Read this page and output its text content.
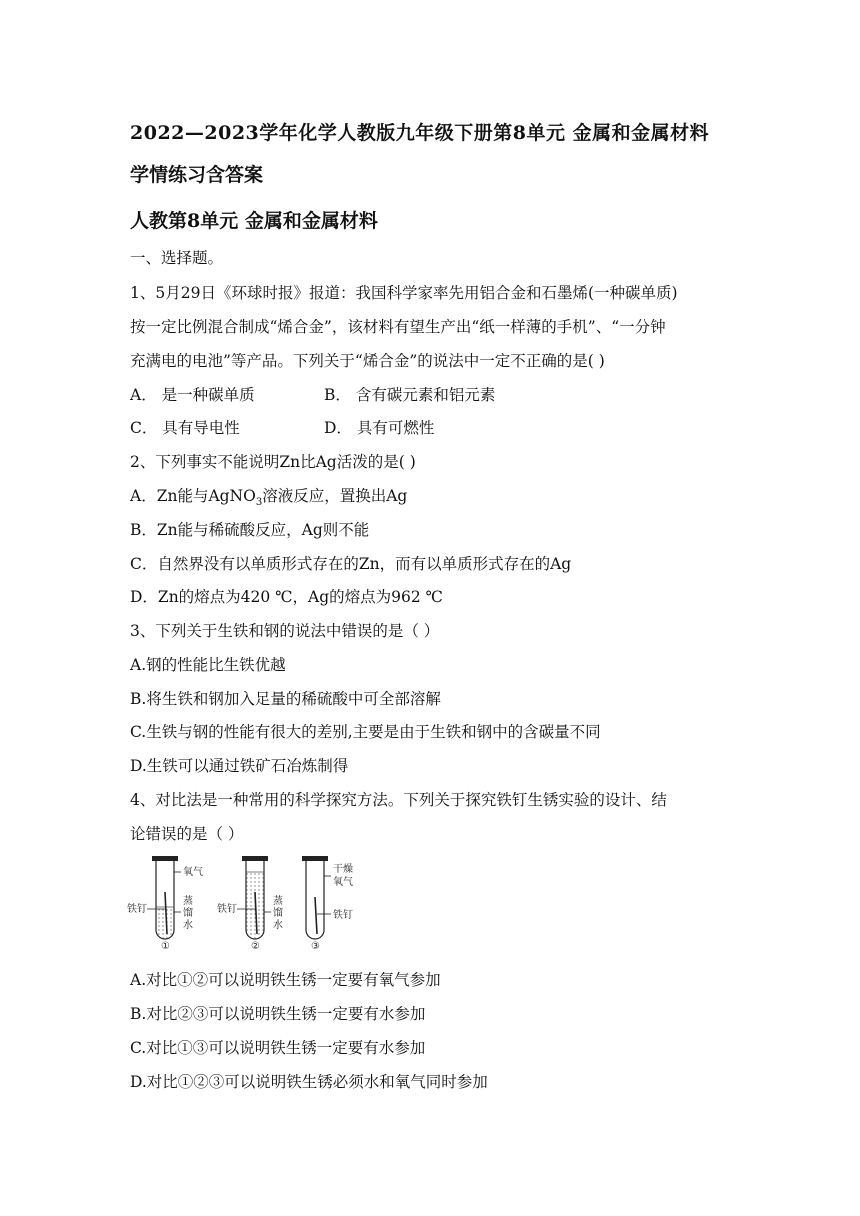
2022—2023学年化学人教版九年级下册第8单元 金属和金属材料
学情练习含答案
人教第8单元 金属和金属材料
一、选择题。
1、5月29日《环球时报》报道：我国科学家率先用铝合金和石墨烯(一种碳单质)
按一定比例混合制成“烯合金”，该材料有望生产出“纸一样薄的手机”、“一分钟
充满电的电池”等产品。下列关于“烯合金”的说法中一定不正确的是( )
A． 是一种碳单质	B． 含有碳元素和铝元素
C． 具有导电性	D． 具有可燃性
2、下列事实不能说明Zn比Ag活泼的是( )
A．Zn能与AgNO$_3$溶液反应，置换出Ag
B．Zn能与稀硫酸反应，Ag则不能
C．自然界没有以单质形式存在的Zn，而有以单质形式存在的Ag
D．Zn的熔点为420 ℃，Ag的熔点为962 ℃
3、下列关于生铁和钢的说法中错误的是（ ）
A.钢的性能比生铁优越
B.将生铁和钢加入足量的稀硫酸中可全部溶解
C.生铁与钢的性能有很大的差别,主要是由于生铁和钢中的含碳量不同
D.生铁可以通过铁矿石冶炼制得
4、对比法是一种常用的科学探究方法。下列关于探究铁钉生锈实验的设计、结
论错误的是（ ）
氧气
蒸
馏
水
铁钉
①
蒸
馏
水
铁钉
②
干燥
氧气
铁钉
③
A.对比①②可以说明铁生锈一定要有氧气参加
B.对比②③可以说明铁生锈一定要有水参加
C.对比①③可以说明铁生锈一定要有水参加
D.对比①②③可以说明铁生锈必须水和氧气同时参加
